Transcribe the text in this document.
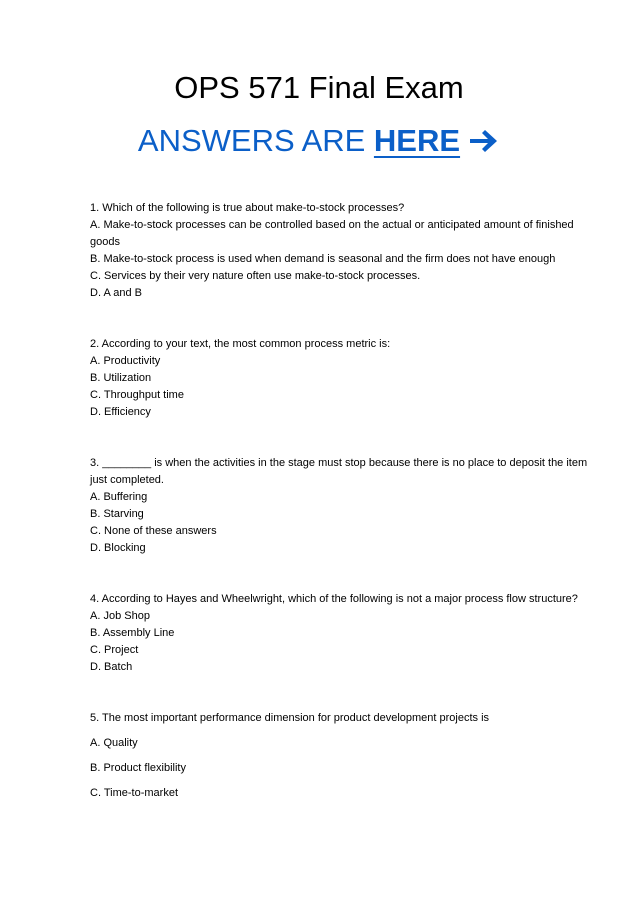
OPS 571 Final Exam
ANSWERS ARE HERE

1. Which of the following is true about make-to-stock processes?

A. Make-to-stock processes can be controlled based on the actual or anticipated amount of finished goods

B. Make-to-stock process is used when demand is seasonal and the firm does not have enough

C. Services by their very nature often use make-to-stock processes.

D. A and B

2. According to your text, the most common process metric is:

A. Productivity

B. Utilization

C. Throughput time

D. Efficiency

3. ________ is when the activities in the stage must stop because there is no place to deposit the item just completed.

A. Buffering

B. Starving

C. None of these answers

D. Blocking

4. According to Hayes and Wheelwright, which of the following is not a major process flow structure?

A. Job Shop

B. Assembly Line

C. Project

D. Batch

5. The most important performance dimension for product development projects is

A. Quality

B. Product flexibility

C. Time-to-market
